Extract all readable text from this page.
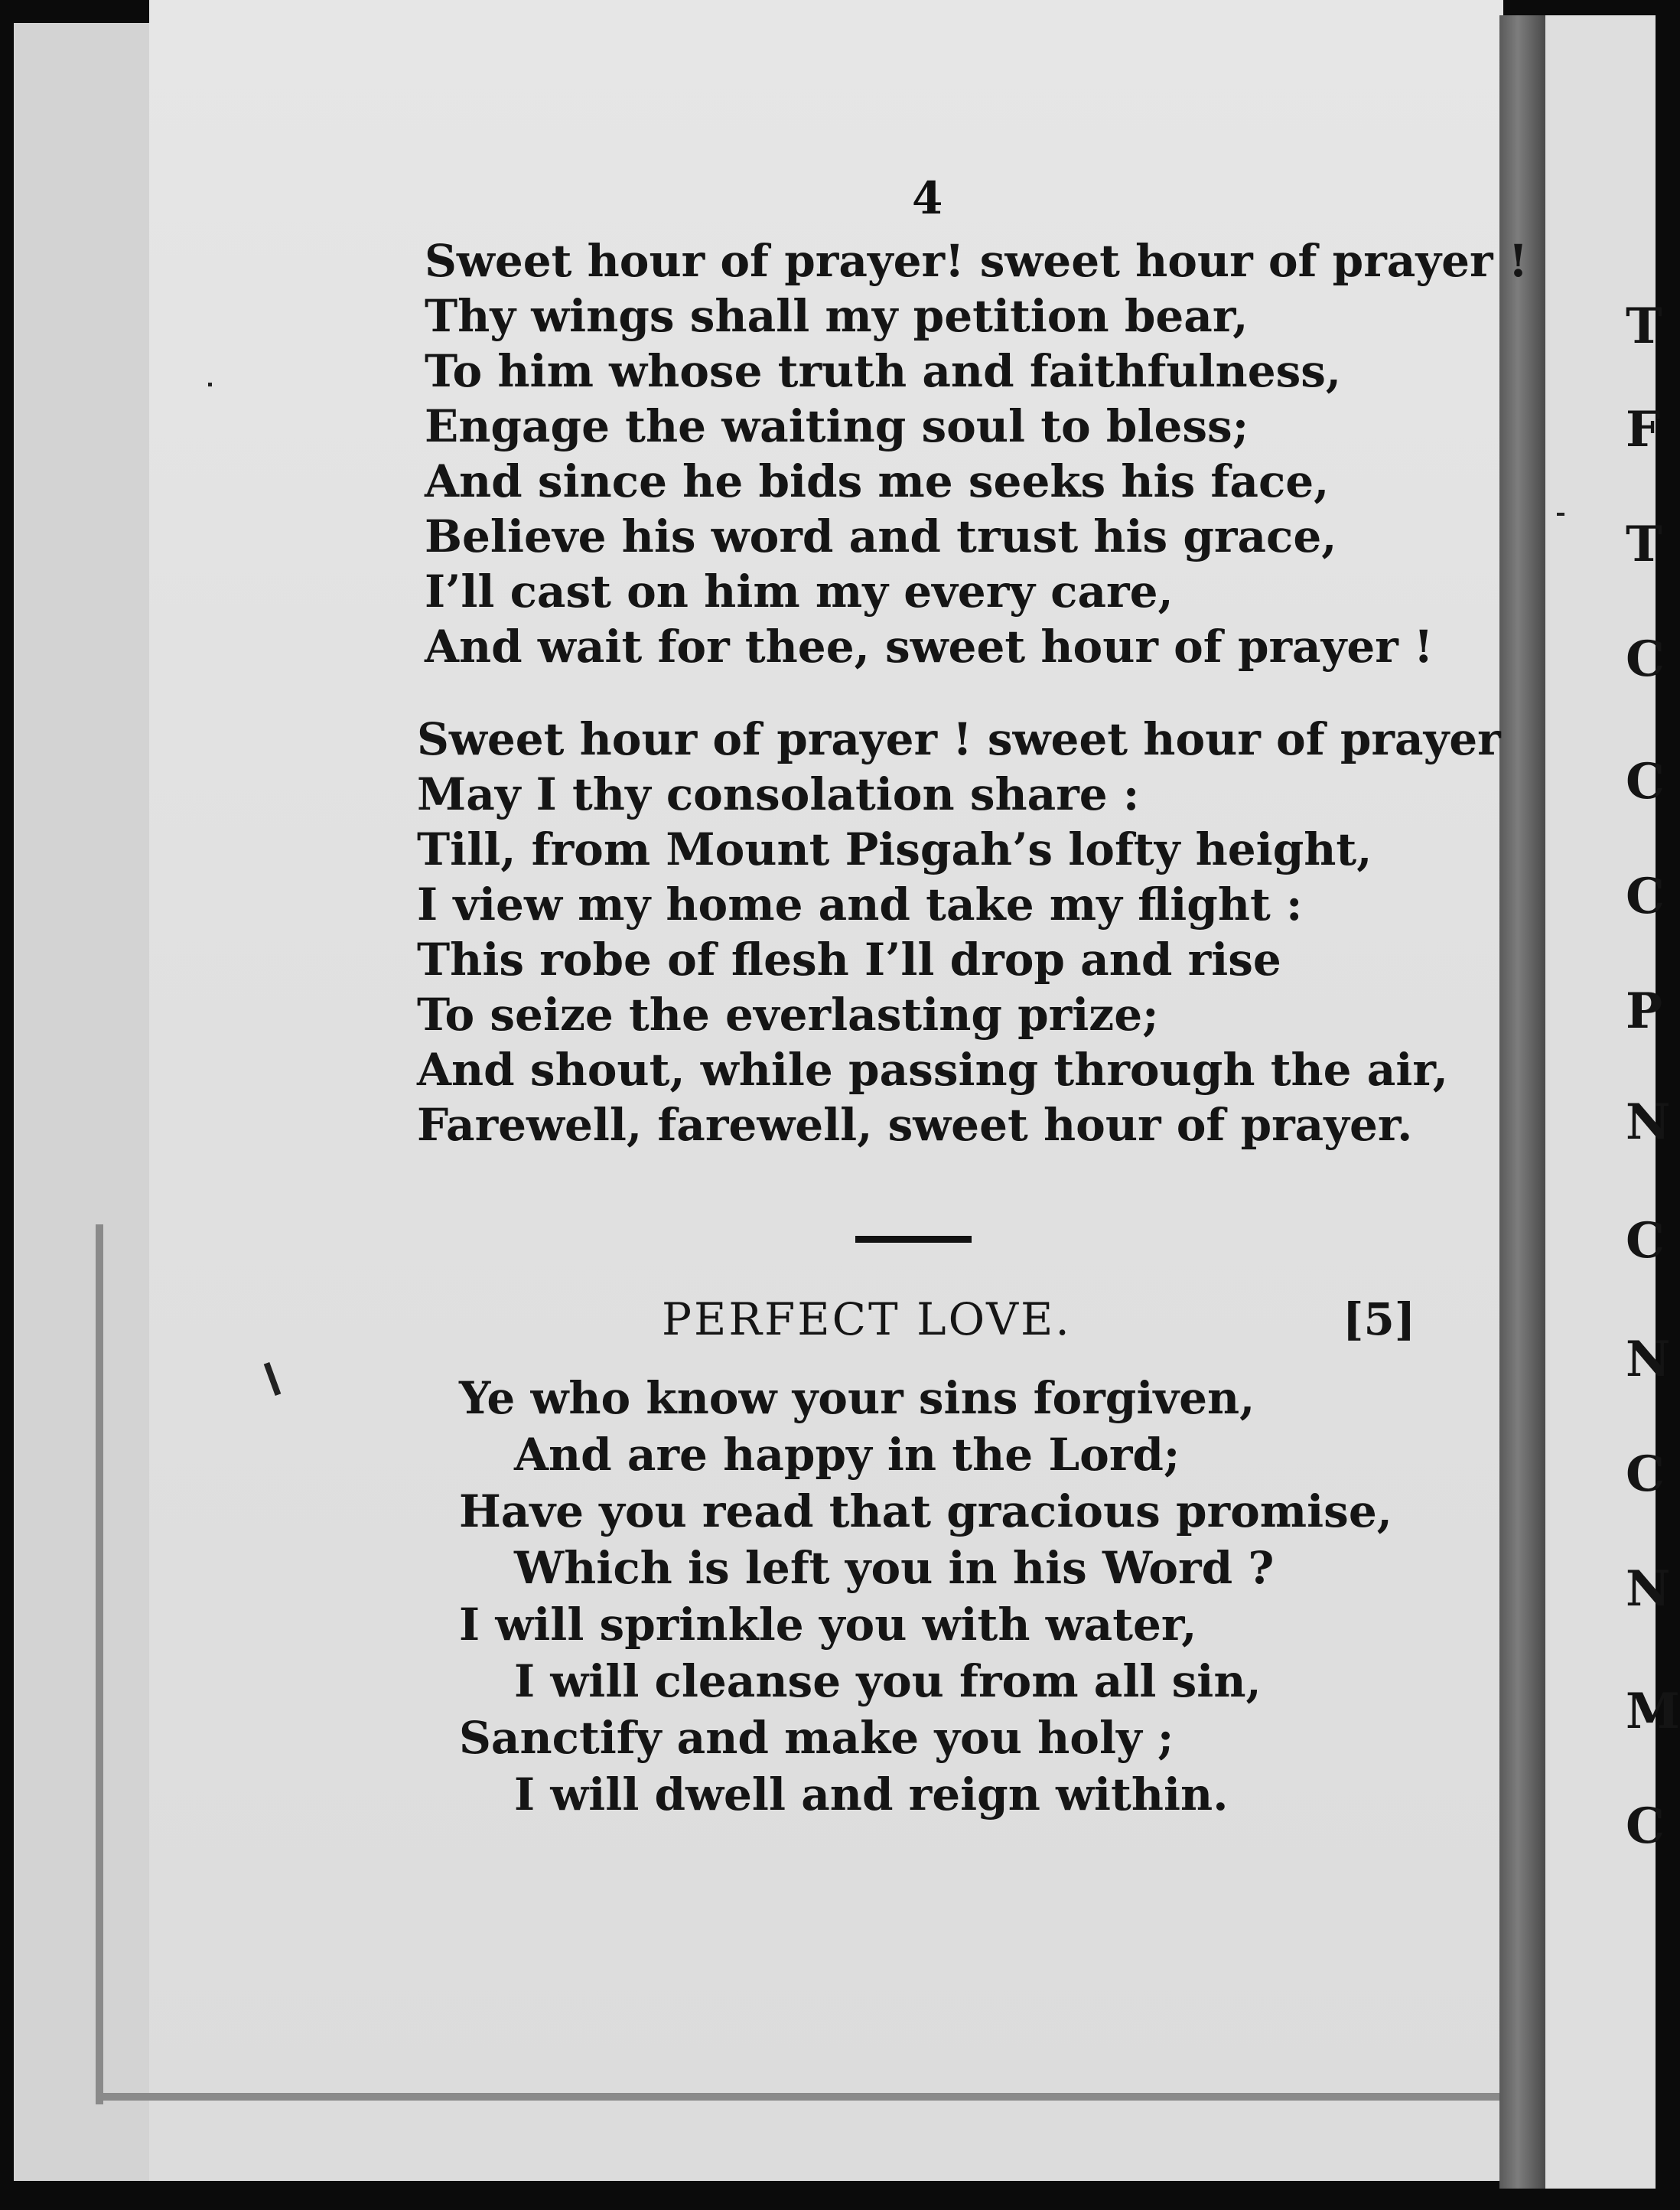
T
F
T
C
C
C
P
N
C
N
C
N
M
C
4
Sweet hour of prayer! sweet hour of prayer !
Thy wings shall my petition bear,
To him whose truth and faithfulness,
Engage the waiting soul to bless;
And since he bids me seeks his face,
Believe his word and trust his grace,
I’ll cast on him my every care,
And wait for thee, sweet hour of prayer !
Sweet hour of prayer ! sweet hour of prayer
May I thy consolation share :
Till, from Mount Pisgah’s lofty height,
I view my home and take my flight :
This robe of flesh I’ll drop and rise
To seize the everlasting prize;
And shout, while passing through the air,
Farewell, farewell, sweet hour of prayer.
PERFECT LOVE.	[5]
Ye who know your sins forgiven,
And are happy in the Lord;
Have you read that gracious promise,
Which is left you in his Word ?
I will sprinkle you with water,
I will cleanse you from all sin,
Sanctify and make you holy ;
I will dwell and reign within.
